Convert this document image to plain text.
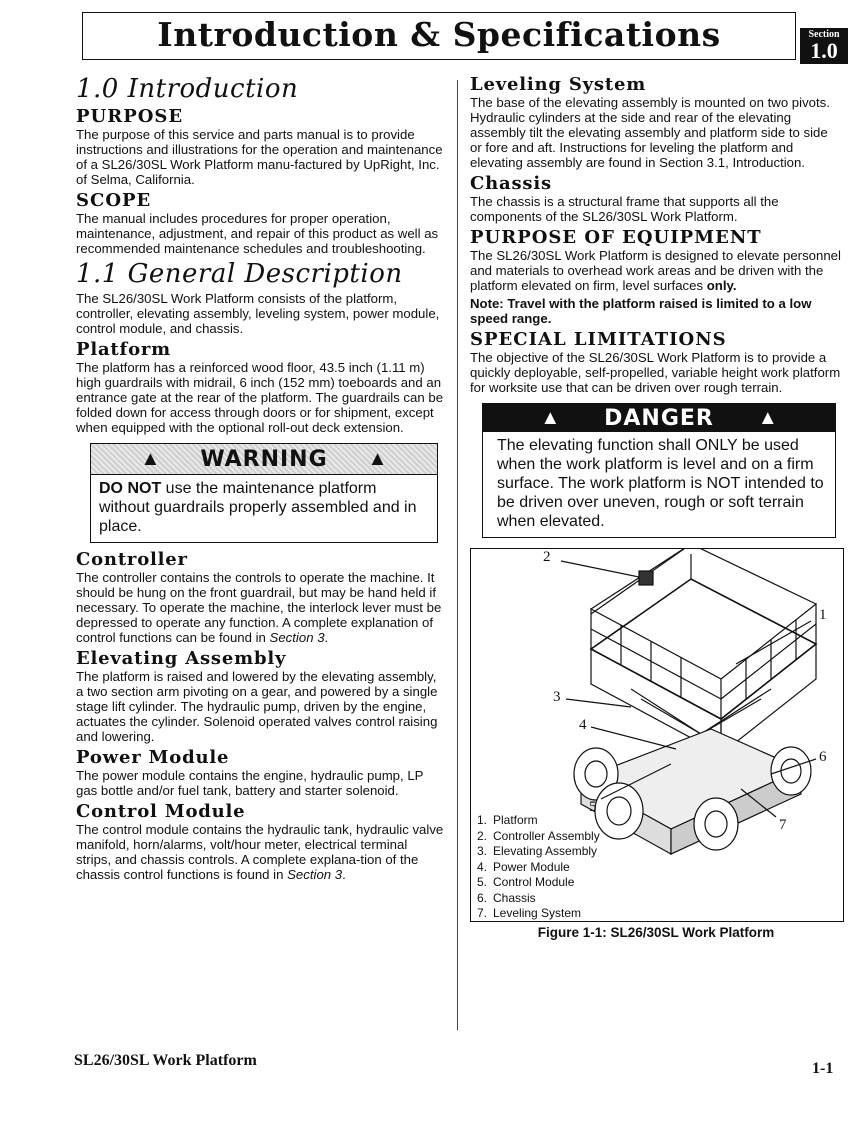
Introduction & Specifications	Section
1.0
1.0 Introduction
PURPOSE

The purpose of this service and parts manual is to provide instructions and illustrations for the operation and maintenance of a SL26/30SL Work Platform manu-factured by UpRight, Inc. of Selma, California.

SCOPE

The manual includes procedures for proper operation, maintenance, adjustment, and repair of this product as well as recommended maintenance schedules and troubleshooting.

1.1 General Description

The SL26/30SL Work Platform consists of the platform, controller, elevating assembly, leveling system, power module, control module, and chassis.

Platform

The platform has a reinforced wood floor, 43.5 inch (1.11 m) high guardrails with midrail, 6 inch (152 mm) toeboards and an entrance gate at the rear of the platform. The guardrails can be folded down for access through doors or for shipment, except when equipped with the optional roll-out deck extension.

▲ WARNING ▲
DO NOT use the maintenance platform without guardrails properly assembled and in place.
Controller

The controller contains the controls to operate the machine. It should be hung on the front guardrail, but may be hand held if necessary. To operate the machine, the interlock lever must be depressed to operate any function. A complete explanation of control functions can be found in Section 3.

Elevating Assembly

The platform is raised and lowered by the elevating assembly, a two section arm pivoting on a gear, and powered by a single stage lift cylinder. The hydraulic pump, driven by the engine, actuates the cylinder. Solenoid operated valves control raising and lowering.

Power Module

The power module contains the engine, hydraulic pump, LP gas bottle and/or fuel tank, battery and starter solenoid.

Control Module

The control module contains the hydraulic tank, hydraulic valve manifold, horn/alarms, volt/hour meter, electrical terminal strips, and chassis controls. A complete explana-tion of the chassis control functions is found in Section 3.

Leveling System

The base of the elevating assembly is mounted on two pivots. Hydraulic cylinders at the side and rear of the elevating assembly tilt the elevating assembly and platform side to side or fore and aft. Instructions for leveling the platform and elevating assembly are found in Section 3.1, Introduction.

Chassis

The chassis is a structural frame that supports all the components of the SL26/30SL Work Platform.

PURPOSE OF EQUIPMENT

The SL26/30SL Work Platform is designed to elevate personnel and materials to overhead work areas and be driven with the platform elevated on firm, level surfaces only.

Note: Travel with the platform raised is limited to a low speed range.

SPECIAL LIMITATIONS

The objective of the SL26/30SL Work Platform is to provide a quickly deployable, self-propelled, variable height work platform for worksite use that can be driven over rough terrain.

▲ DANGER ▲
The elevating function shall ONLY be used when the work platform is level and on a firm surface. The work platform is NOT intended to be driven over uneven, rough or soft terrain when elevated.
2
1
3
4
5
6
7
1. Platform
2. Controller Assembly
3. Elevating Assembly
4. Power Module
5. Control Module
6. Chassis
7. Leveling System
Figure 1-1: SL26/30SL Work Platform
SL26/30SL Work Platform	1-1
